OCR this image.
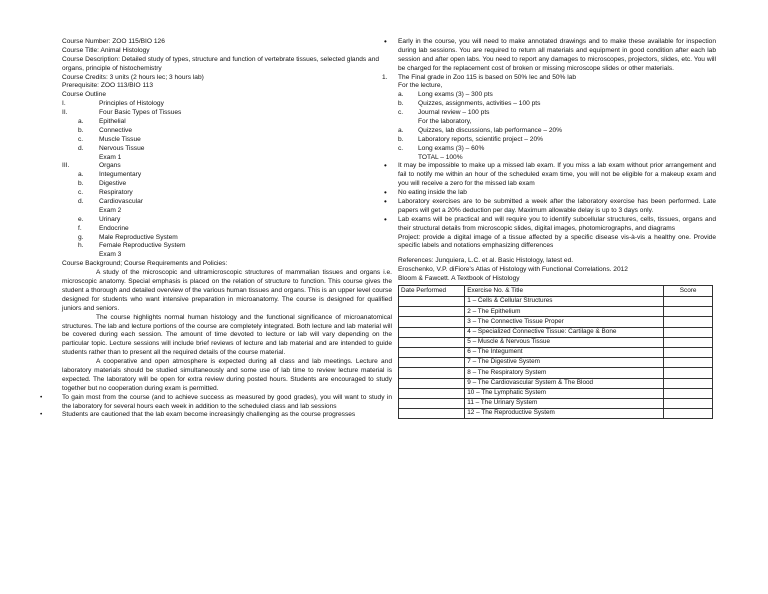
Course Number: ZOO 115/BIO 126
Course Title: Animal Histology
Course Description: Detailed study of types, structure and function of vertebrate tissues, selected glands and organs, principle of histochemistry
Course Credits: 3 units (2 hours lec; 3 hours lab)
Prerequisite: ZOO 113/BIO 113
Course Outline
I.	Principles of Histology
II.	Four Basic Types of Tissues
a.	Epithelial
b.	Connective
c.	Muscle Tissue
d.	Nervous Tissue
Exam 1
III.	Organs
a.	Integumentary
b.	Digestive
c.	Respiratory
d.	Cardiovascular
Exam 2
e.	Urinary
f.	Endocrine
g.	Male Reproductive System
h.	Female Reproductive System
Exam 3
Course Background; Course Requirements and Policies:

A study of the microscopic and ultramicroscopic structures of mammalian tissues and organs i.e. microscopic anatomy. Special emphasis is placed on the relation of structure to function. This course gives the student a thorough and detailed overview of the various human tissues and organs. This is an upper level course designed for students who want intensive preparation in microanatomy. The course is designed for qualified juniors and seniors.

The course highlights normal human histology and the functional significance of microanatomical structures. The lab and lecture portions of the course are completely integrated. Both lecture and lab material will be covered during each session. The amount of time devoted to lecture or lab will vary depending on the particular topic. Lecture sessions will include brief reviews of lecture and lab material and are intended to guide students rather than to present all the required details of the course material.

A cooperative and open atmosphere is expected during all class and lab meetings. Lecture and laboratory materials should be studied simultaneously and some use of lab time to review lecture material is expected. The laboratory will be open for extra review during posted hours. Students are encouraged to study together but no cooperation during exam is permitted.

•	To gain most from the course (and to achieve success as measured by good grades), you will want to study in the laboratory for several hours each week in addition to the scheduled class and lab sessions
•	Students are cautioned that the lab exam become increasingly challenging as the course progresses
• Early in the course, you will need to make annotated drawings and to make these available for inspection during lab sessions. You are required to return all materials and equipment in good condition after each lab session and after open labs. You need to report any damages to microscopes, projectors, slides, etc. You will be charged for the replacement cost of broken or missing microscope slides or other materials.
1. The Final grade in Zoo 115 is based on 50% lec and 50% lab
For the lecture,
a.	Long exams (3) – 300 pts
b.	Quizzes, assignments, activities – 100 pts
c.	Journal review – 100 pts
For the laboratory,
a.	Quizzes, lab discussions, lab performance – 20%
b.	Laboratory reports, scientific project – 20%
c.	Long exams (3) – 60%
TOTAL – 100%
• It may be impossible to make up a missed lab exam. If you miss a lab exam without prior arrangement and fail to notify me within an hour of the scheduled exam time, you will not be eligible for a makeup exam and you will receive a zero for the missed lab exam
• No eating inside the lab
• Laboratory exercises are to be submitted a week after the laboratory exercise has been performed. Late papers will get a 20% deduction per day. Maximum allowable delay is up to 3 days only.
• Lab exams will be practical and will require you to identify subcellular structures, cells, tissues, organs and their structural details from microscopic slides, digital images, photomicrographs, and diagrams
Project: provide a digital image of a tissue affected by a specific disease vis-à-vis a healthy one. Provide specific labels and notations emphasizing differences
References: Junquiera, L.C. et al. Basic Histology, latest ed.
Eroschenko, V.P. diFiore's Atlas of Histology with Functional Correlations. 2012
Bloom & Fawcett. A Textbook of Histology
Date Performed	Exercise No. & Title	Score
	1 – Cells & Cellular Structures	
	2 – The Epithelium	
	3 – The Connective Tissue Proper	
	4 – Specialized Connective Tissue: Cartilage & Bone	
	5 – Muscle & Nervous Tissue	
	6 – The Integument	
	7 – The Digestive System	
	8 – The Respiratory System	
	9 – The Cardiovascular System & The Blood	
	10 – The Lymphatic System	
	11 – The Urinary System	
	12 – The Reproductive System	
